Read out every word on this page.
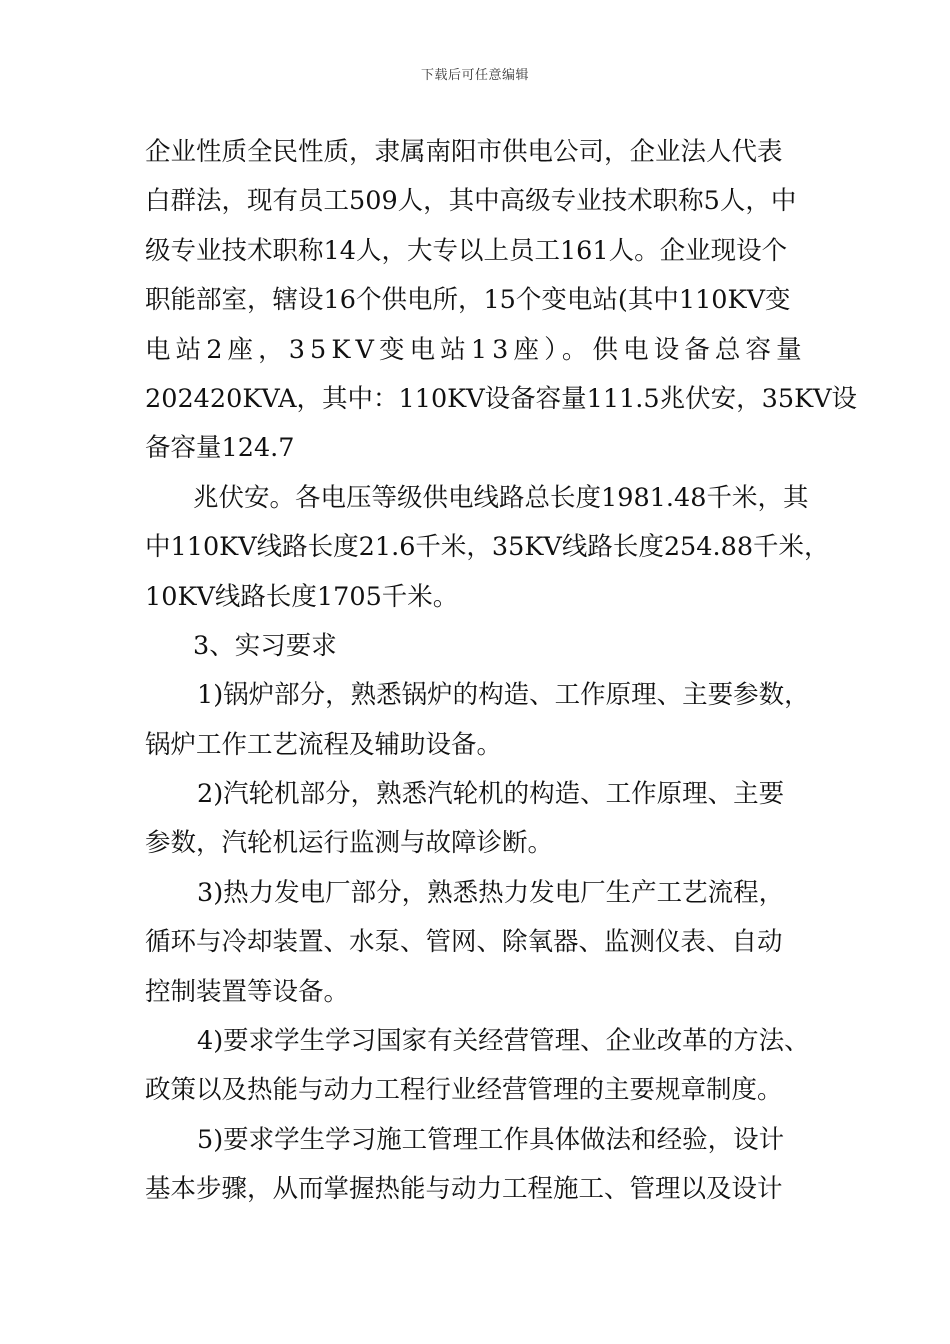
下载后可任意编辑
企业性质全民性质，隶属南阳市供电公司，企业法人代表
白群法，现有员工509人，其中高级专业技术职称5人，中
级专业技术职称14人，大专以上员工161人。企业现设个
职能部室，辖设16个供电所，15个变电站(其中110KV变
电站2座，35KV变电站13座）。供电设备总容量
202420KVA，其中：110KV设备容量111.5兆伏安，35KV设
备容量124.7
兆伏安。各电压等级供电线路总长度1981.48千米，其
中110KV线路长度21.6千米，35KV线路长度254.88千米，
10KV线路长度1705千米。
3、实习要求
1)锅炉部分，熟悉锅炉的构造、工作原理、主要参数，
锅炉工作工艺流程及辅助设备。
2)汽轮机部分，熟悉汽轮机的构造、工作原理、主要
参数，汽轮机运行监测与故障诊断。
3)热力发电厂部分，熟悉热力发电厂生产工艺流程，
循环与冷却装置、水泵、管网、除氧器、监测仪表、自动
控制装置等设备。
4)要求学生学习国家有关经营管理、企业改革的方法、
政策以及热能与动力工程行业经营管理的主要规章制度。
5)要求学生学习施工管理工作具体做法和经验，设计
基本步骤，从而掌握热能与动力工程施工、管理以及设计
